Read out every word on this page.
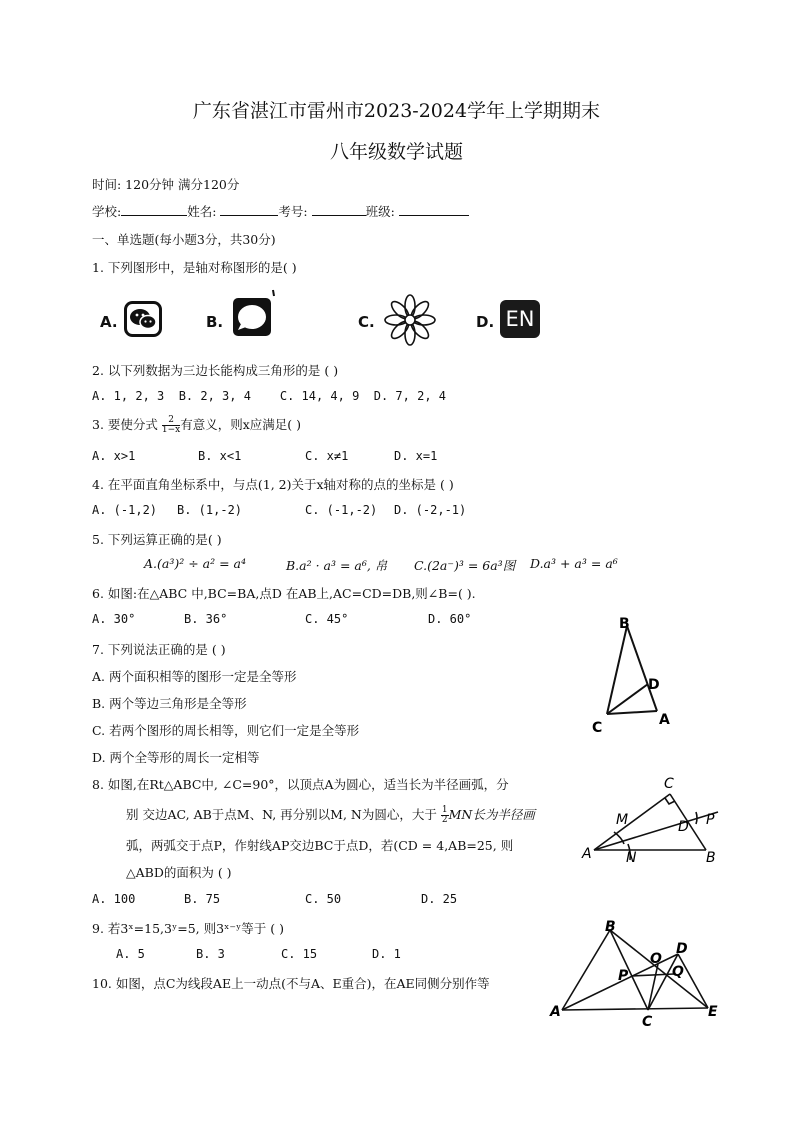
广东省湛江市雷州市2023-2024学年上学期期末
八年级数学试题
时间: 120分钟 满分120分
学校:	姓名:	考号:	班级:
一、单选题(每小题3分，共30分)
1. 下列图形中，是轴对称图形的是( )
A.	B.	C.	D. EN
2. 以下列数据为三边长能构成三角形的是 ( )
A. 1, 2, 3  B. 2, 3, 4    C. 14, 4, 9  D. 7, 2, 4
3. 要使分式 $\frac{2}{1-x}$ 有意义，则x应满足( )
A. x>1	B. x<1	C. x≠1	D. x=1
4. 在平面直角坐标系中，与点(1, 2)关于x轴对称的点的坐标是 ( )
A. (-1,2) B. (1,-2)	C. (-1,-2) D. (-2,-1)
5. 下列运算正确的是( )
A.(a³)² ÷ a² = a⁴	B.a² · a³ = a⁶, 帛 C.(2a⁻)³ = 6a³图 D.a³ + a³ = a⁶
6. 如图:在△ABC 中,BC=BA,点D 在AB上,AC=CD=DB,则∠B=( ).
A. 30°	B. 36°	C. 45°	D. 60°	B
D
C	A
7. 下列说法正确的是 ( )
A. 两个面积相等的图形一定是全等形
B. 两个等边三角形是全等形
C. 若两个图形的周长相等，则它们一定是全等形
D. 两个全等形的周长一定相等
8. 如图,在Rt△ABC中, ∠C=90°，以顶点A为圆心，适当长为半径画弧，分
别 交边AC, AB于点M、N, 再分别以M, N为圆心，大于 $\frac{1}{2}$ MN长为半径画
弧，两弧交于点P，作射线AP交边BC于点D，若(CD = 4,AB=25, 则
△ABD的面积为 ( )
A. 100	B. 75	C. 50	D. 25
C
M	D P
A N	B
9. 若3ˣ=15,3ʸ=5, 则3ˣ⁻ʸ等于 ( )
A. 5	B. 3	C. 15	D. 1
10. 如图，点C为线段AE上一动点(不与A、E重合)，在AE同侧分别作等
B
D
O
P	Q
A
C
E
